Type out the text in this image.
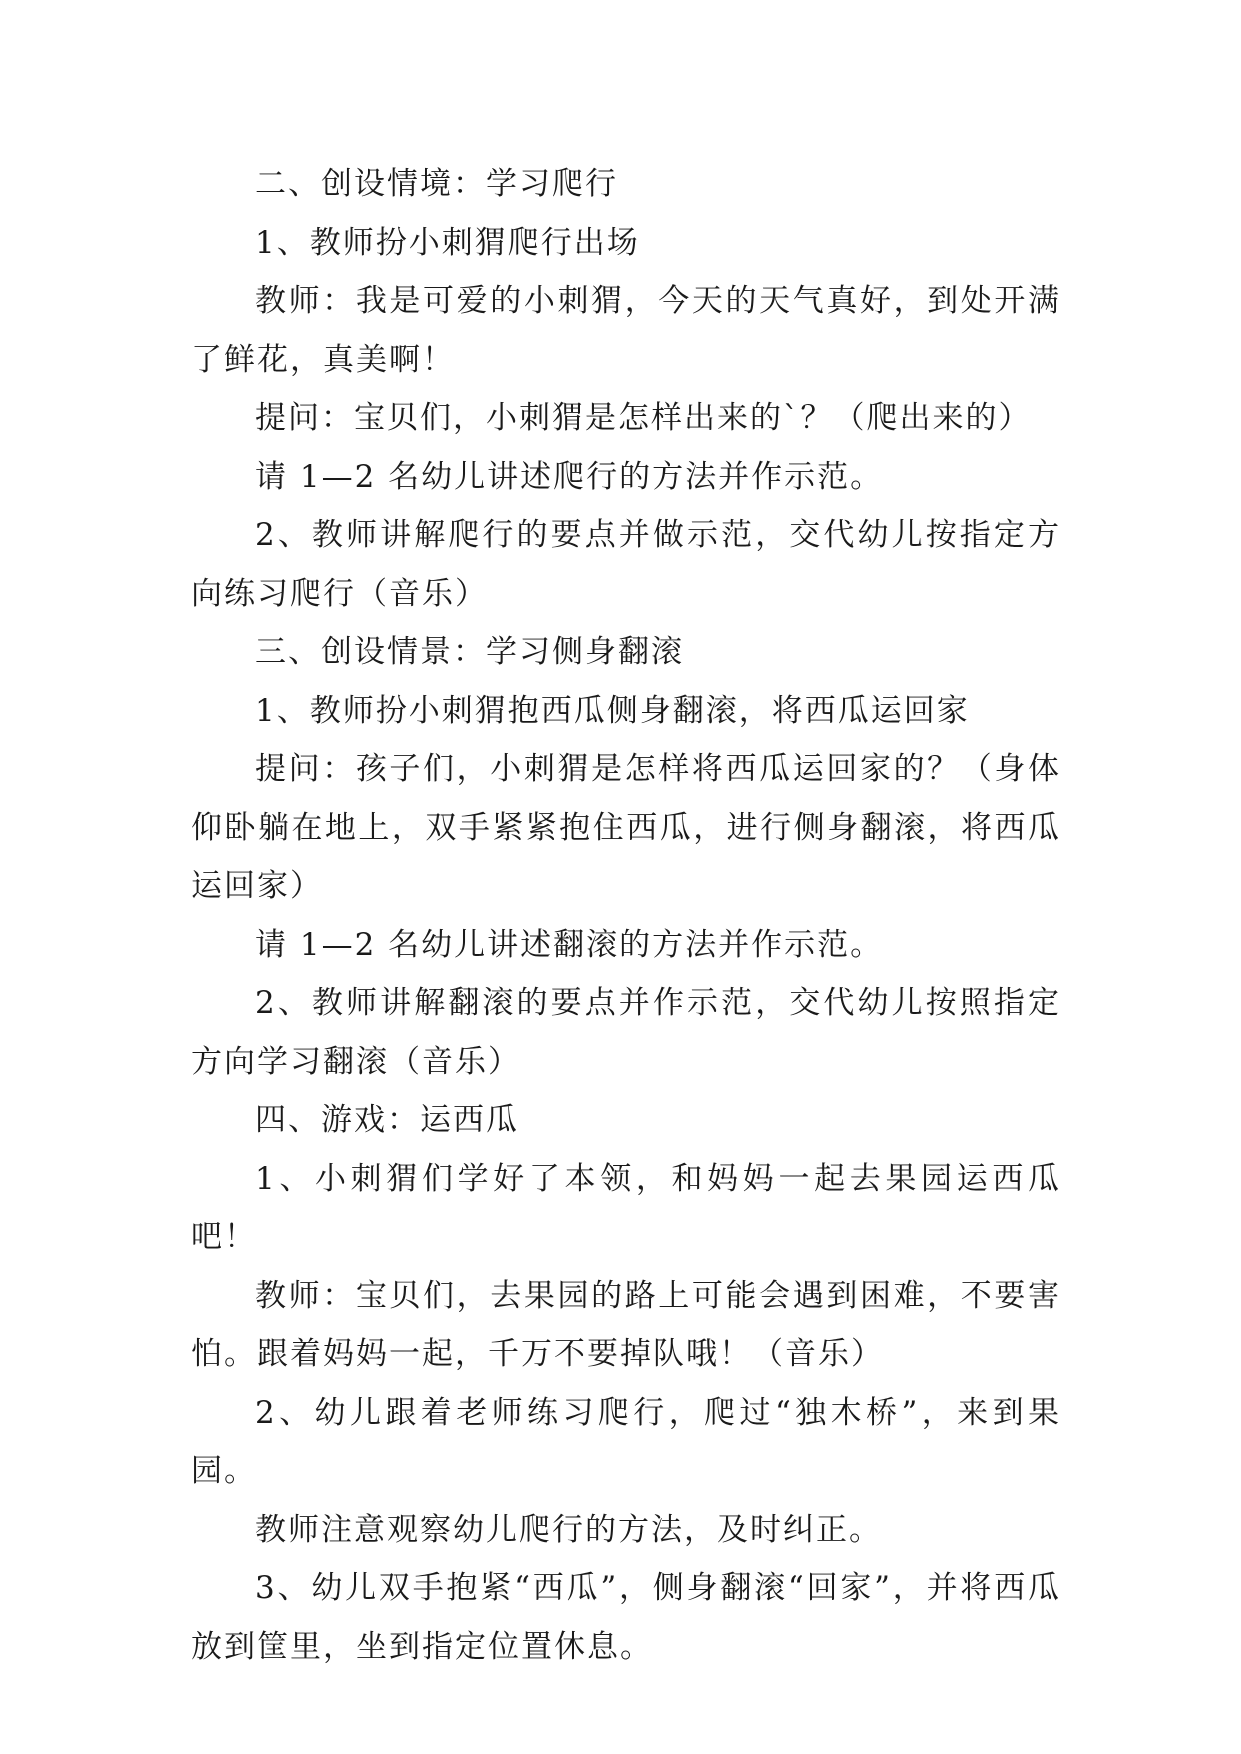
二、创设情境：学习爬行

1、教师扮小刺猬爬行出场

教师：我是可爱的小刺猬，今天的天气真好，到处开满了鲜花，真美啊！

提问：宝贝们，小刺猬是怎样出来的`？（爬出来的）

请 1—2 名幼儿讲述爬行的方法并作示范。

2、教师讲解爬行的要点并做示范，交代幼儿按指定方向练习爬行（音乐）

三、创设情景：学习侧身翻滚

1、教师扮小刺猬抱西瓜侧身翻滚，将西瓜运回家

提问：孩子们，小刺猬是怎样将西瓜运回家的？（身体仰卧躺在地上，双手紧紧抱住西瓜，进行侧身翻滚，将西瓜运回家）

请 1—2 名幼儿讲述翻滚的方法并作示范。

2、教师讲解翻滚的要点并作示范，交代幼儿按照指定方向学习翻滚（音乐）

四、游戏：运西瓜

1、小刺猬们学好了本领，和妈妈一起去果园运西瓜吧！

教师：宝贝们，去果园的路上可能会遇到困难，不要害怕。跟着妈妈一起，千万不要掉队哦！（音乐）

2、幼儿跟着老师练习爬行，爬过“独木桥”，来到果园。

教师注意观察幼儿爬行的方法，及时纠正。

3、幼儿双手抱紧“西瓜”，侧身翻滚“回家”，并将西瓜放到筐里，坐到指定位置休息。
